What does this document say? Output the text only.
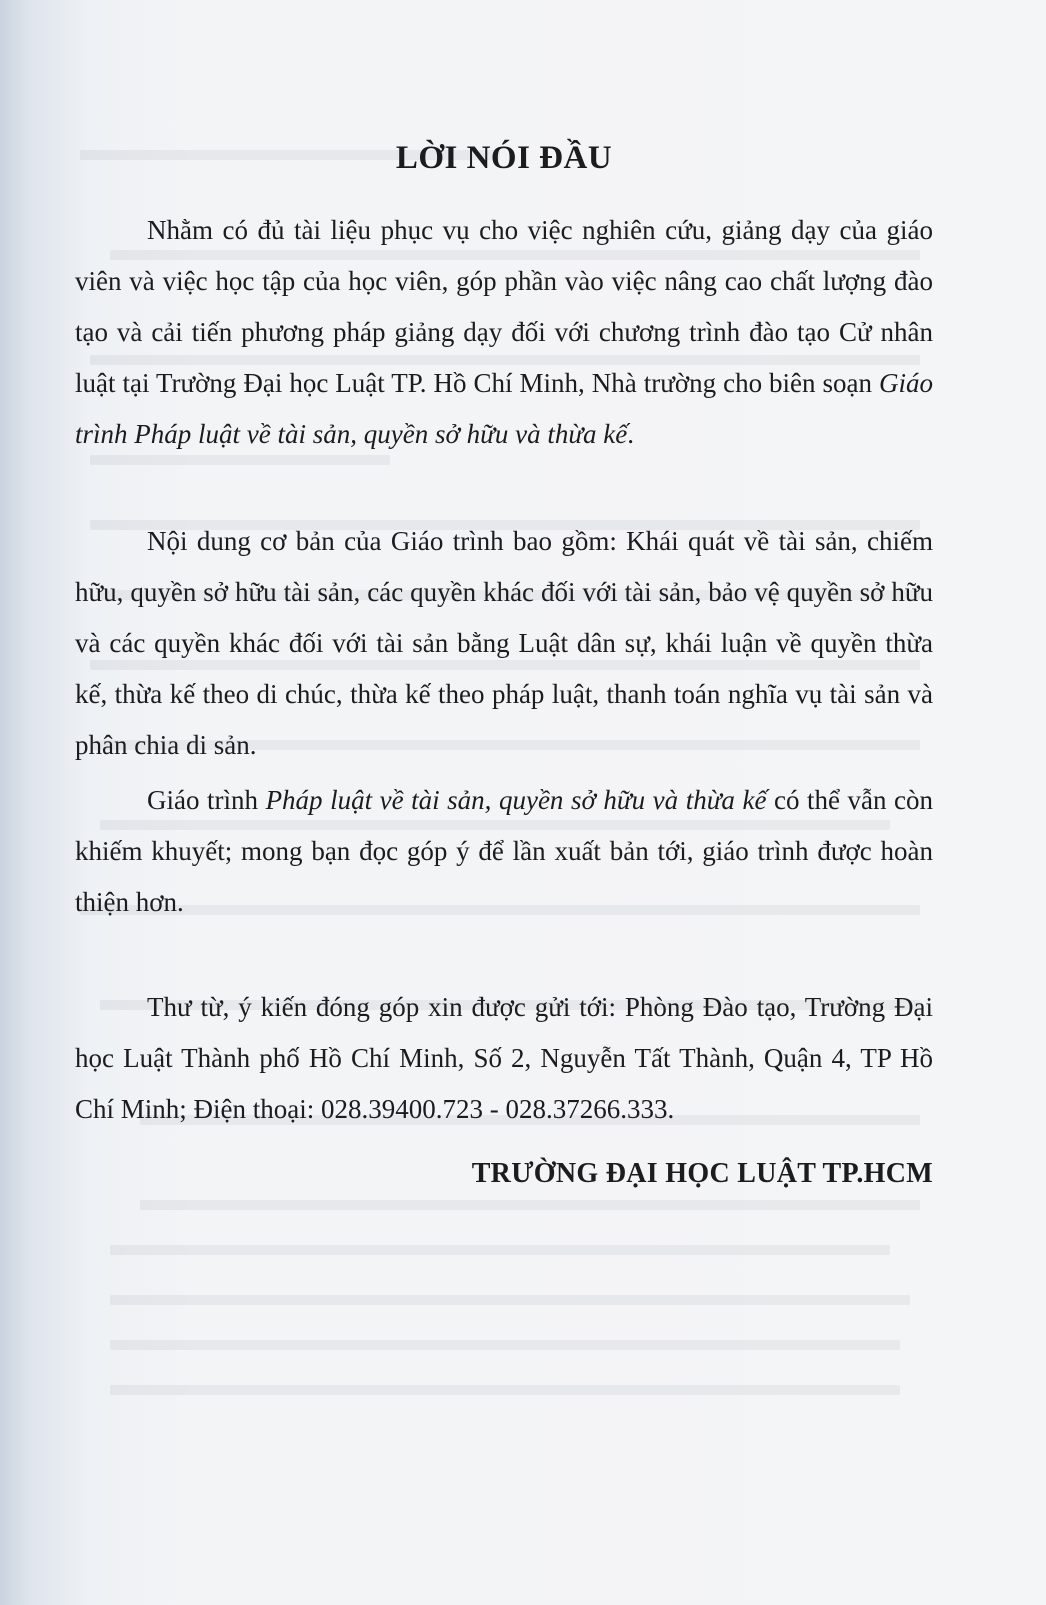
LỜI NÓI ĐẦU

Nhằm có đủ tài liệu phục vụ cho việc nghiên cứu, giảng dạy của giáo viên và việc học tập của học viên, góp phần vào việc nâng cao chất lượng đào tạo và cải tiến phương pháp giảng dạy đối với chương trình đào tạo Cử nhân luật tại Trường Đại học Luật TP. Hồ Chí Minh, Nhà trường cho biên soạn Giáo trình Pháp luật về tài sản, quyền sở hữu và thừa kế.

Nội dung cơ bản của Giáo trình bao gồm: Khái quát về tài sản, chiếm hữu, quyền sở hữu tài sản, các quyền khác đối với tài sản, bảo vệ quyền sở hữu và các quyền khác đối với tài sản bằng Luật dân sự, khái luận về quyền thừa kế, thừa kế theo di chúc, thừa kế theo pháp luật, thanh toán nghĩa vụ tài sản và phân chia di sản.

Giáo trình Pháp luật về tài sản, quyền sở hữu và thừa kế có thể vẫn còn khiếm khuyết; mong bạn đọc góp ý để lần xuất bản tới, giáo trình được hoàn thiện hơn.

Thư từ, ý kiến đóng góp xin được gửi tới: Phòng Đào tạo, Trường Đại học Luật Thành phố Hồ Chí Minh, Số 2, Nguyễn Tất Thành, Quận 4, TP Hồ Chí Minh; Điện thoại: 028.39400.723 - 028.37266.333.

TRƯỜNG ĐẠI HỌC LUẬT TP.HCM
